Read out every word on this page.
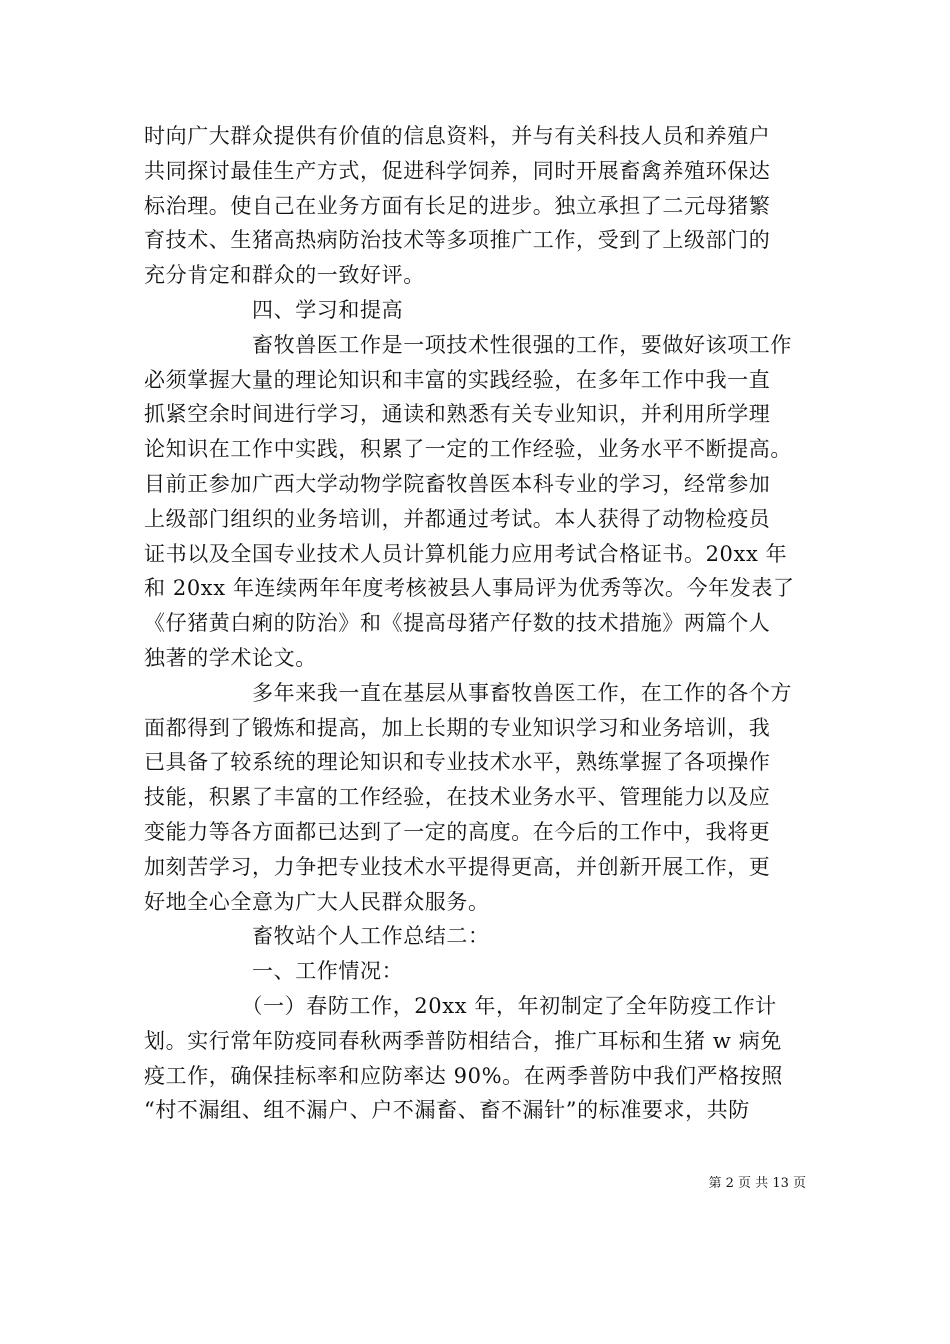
时向广大群众提供有价值的信息资料，并与有关科技人员和养殖户
共同探讨最佳生产方式，促进科学饲养，同时开展畜禽养殖环保达
标治理。使自己在业务方面有长足的进步。独立承担了二元母猪繁
育技术、生猪高热病防治技术等多项推广工作，受到了上级部门的
充分肯定和群众的一致好评。
　　　　　四、学习和提高
　　　　　畜牧兽医工作是一项技术性很强的工作，要做好该项工作
必须掌握大量的理论知识和丰富的实践经验，在多年工作中我一直
抓紧空余时间进行学习，通读和熟悉有关专业知识，并利用所学理
论知识在工作中实践，积累了一定的工作经验，业务水平不断提高。
目前正参加广西大学动物学院畜牧兽医本科专业的学习，经常参加
上级部门组织的业务培训，并都通过考试。本人获得了动物检疫员
证书以及全国专业技术人员计算机能力应用考试合格证书。20xx 年
和 20xx 年连续两年年度考核被县人事局评为优秀等次。今年发表了
《仔猪黄白痢的防治》和《提高母猪产仔数的技术措施》两篇个人
独著的学术论文。
　　　　　多年来我一直在基层从事畜牧兽医工作，在工作的各个方
面都得到了锻炼和提高，加上长期的专业知识学习和业务培训，我
已具备了较系统的理论知识和专业技术水平，熟练掌握了各项操作
技能，积累了丰富的工作经验，在技术业务水平、管理能力以及应
变能力等各方面都已达到了一定的高度。在今后的工作中，我将更
加刻苦学习，力争把专业技术水平提得更高，并创新开展工作，更
好地全心全意为广大人民群众服务。
　　　　　畜牧站个人工作总结二：
　　　　　一、工作情况：
　　　　　（一）春防工作，20xx 年，年初制定了全年防疫工作计
划。实行常年防疫同春秋两季普防相结合，推广耳标和生猪 w 病免
疫工作，确保挂标率和应防率达 90%。在两季普防中我们严格按照
“村不漏组、组不漏户、户不漏畜、畜不漏针”的标准要求，共防
第 2 页 共 13 页
